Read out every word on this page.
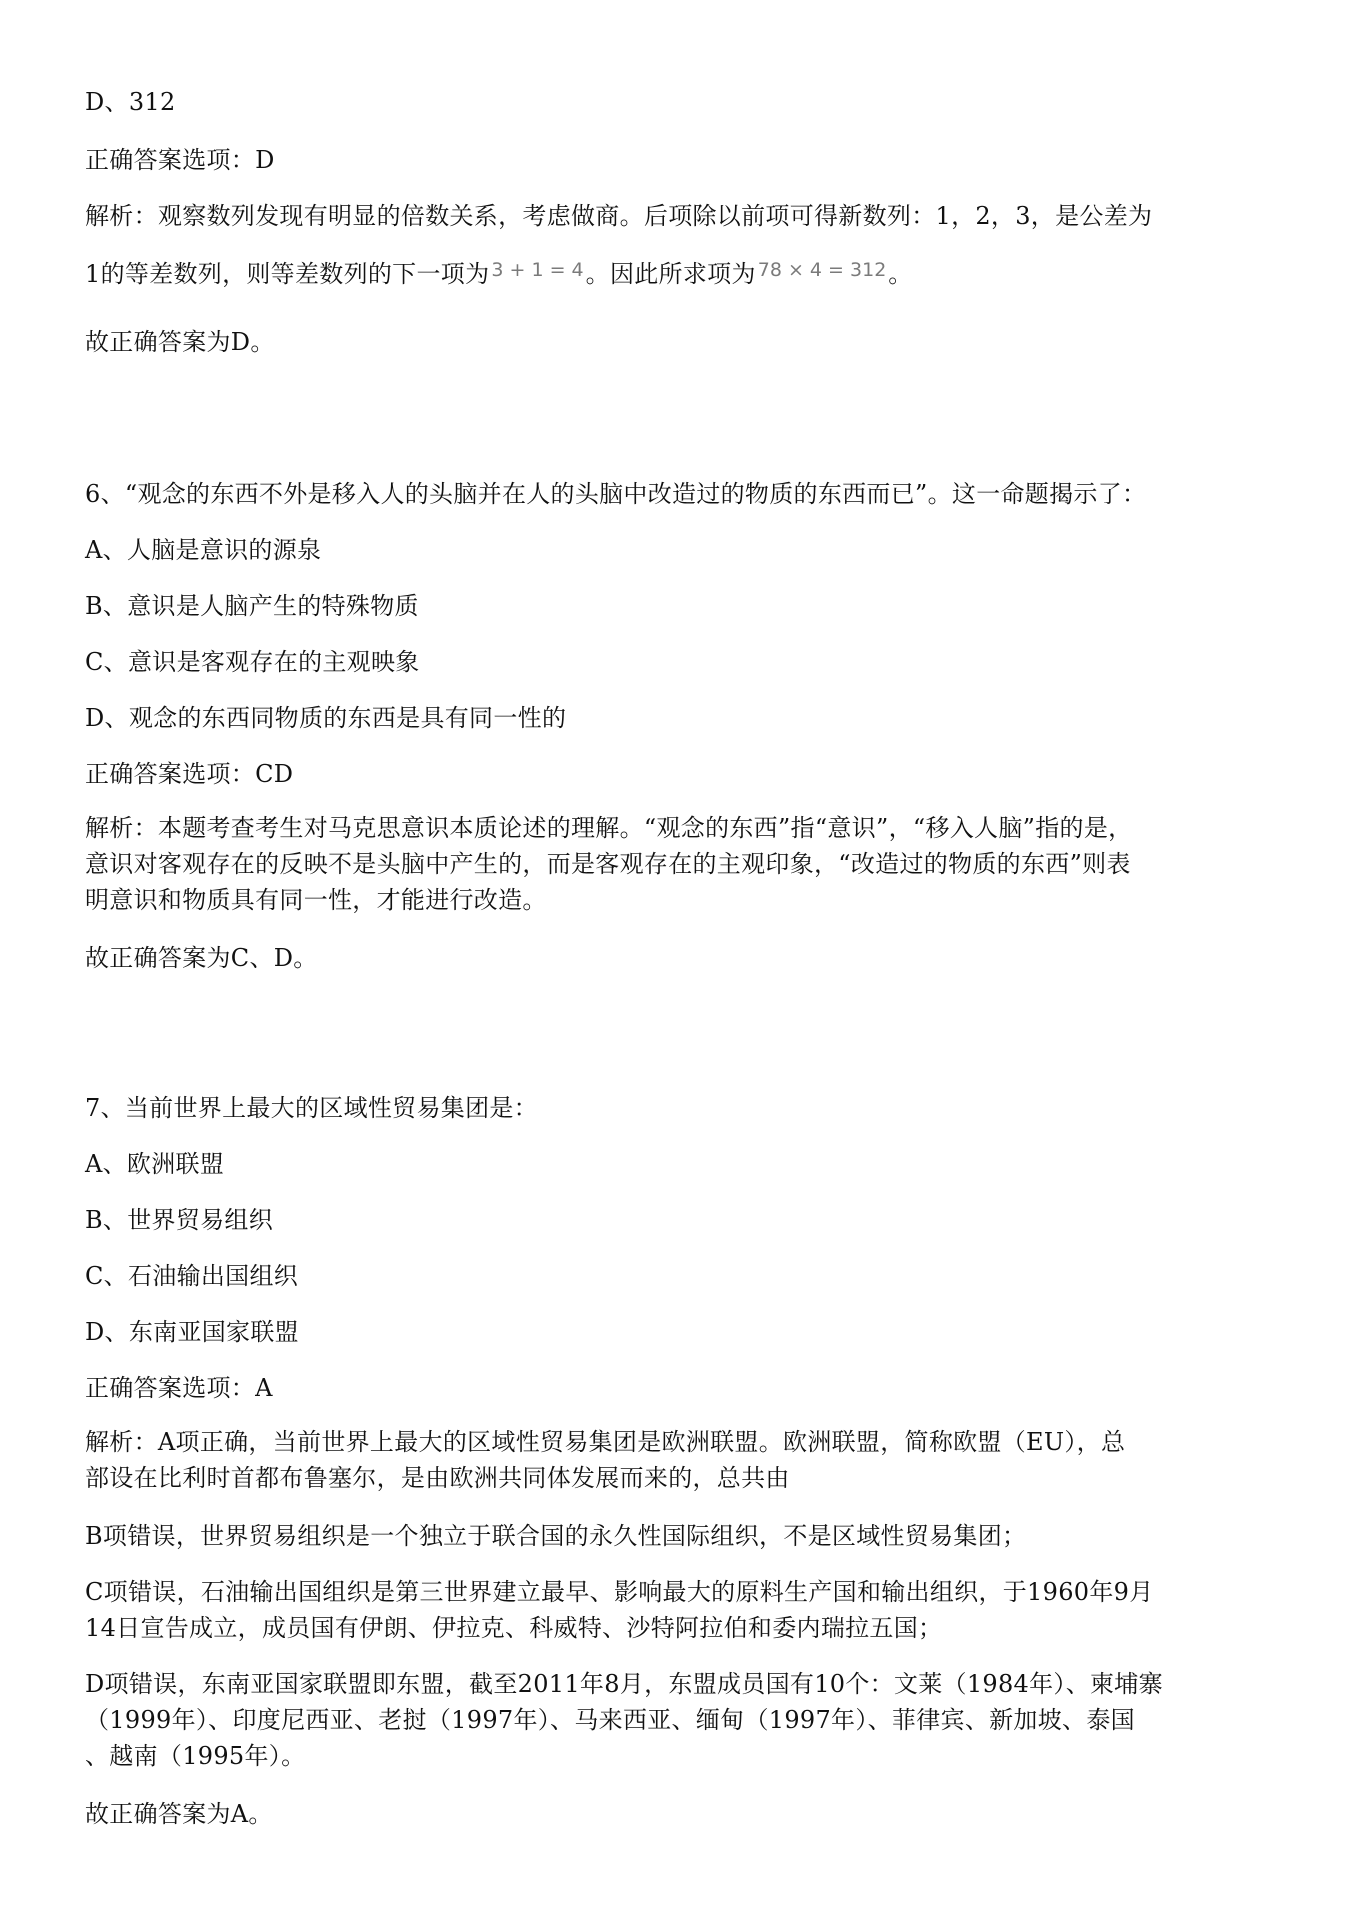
D、312
正确答案选项：D
解析：观察数列发现有明显的倍数关系，考虑做商。后项除以前项可得新数列：1，2，3，是公差为
1的等差数列，则等差数列的下一项为 $^{3 + 1 = 4}$。因此所求项为 $^{78 \times 4 = 312}$。
故正确答案为D。
6、“观念的东西不外是移入人的头脑并在人的头脑中改造过的物质的东西而已”。这一命题揭示了：
A、人脑是意识的源泉
B、意识是人脑产生的特殊物质
C、意识是客观存在的主观映象
D、观念的东西同物质的东西是具有同一性的
正确答案选项：CD
解析：本题考查考生对马克思意识本质论述的理解。“观念的东西”指“意识”，“移入人脑”指的是，
意识对客观存在的反映不是头脑中产生的，而是客观存在的主观印象，“改造过的物质的东西”则表
明意识和物质具有同一性，才能进行改造。
故正确答案为C、D。
7、当前世界上最大的区域性贸易集团是：
A、欧洲联盟
B、世界贸易组织
C、石油输出国组织
D、东南亚国家联盟
正确答案选项：A
解析：A项正确，当前世界上最大的区域性贸易集团是欧洲联盟。欧洲联盟，简称欧盟（EU），总
部设在比利时首都布鲁塞尔，是由欧洲共同体发展而来的，总共由
B项错误，世界贸易组织是一个独立于联合国的永久性国际组织，不是区域性贸易集团；
C项错误，石油输出国组织是第三世界建立最早、影响最大的原料生产国和输出组织，于1960年9月
14日宣告成立，成员国有伊朗、伊拉克、科威特、沙特阿拉伯和委内瑞拉五国；
D项错误，东南亚国家联盟即东盟，截至2011年8月，东盟成员国有10个：文莱（1984年）、柬埔寨
（1999年）、印度尼西亚、老挝（1997年）、马来西亚、缅甸（1997年）、菲律宾、新加坡、泰国
、越南（1995年）。
故正确答案为A。
